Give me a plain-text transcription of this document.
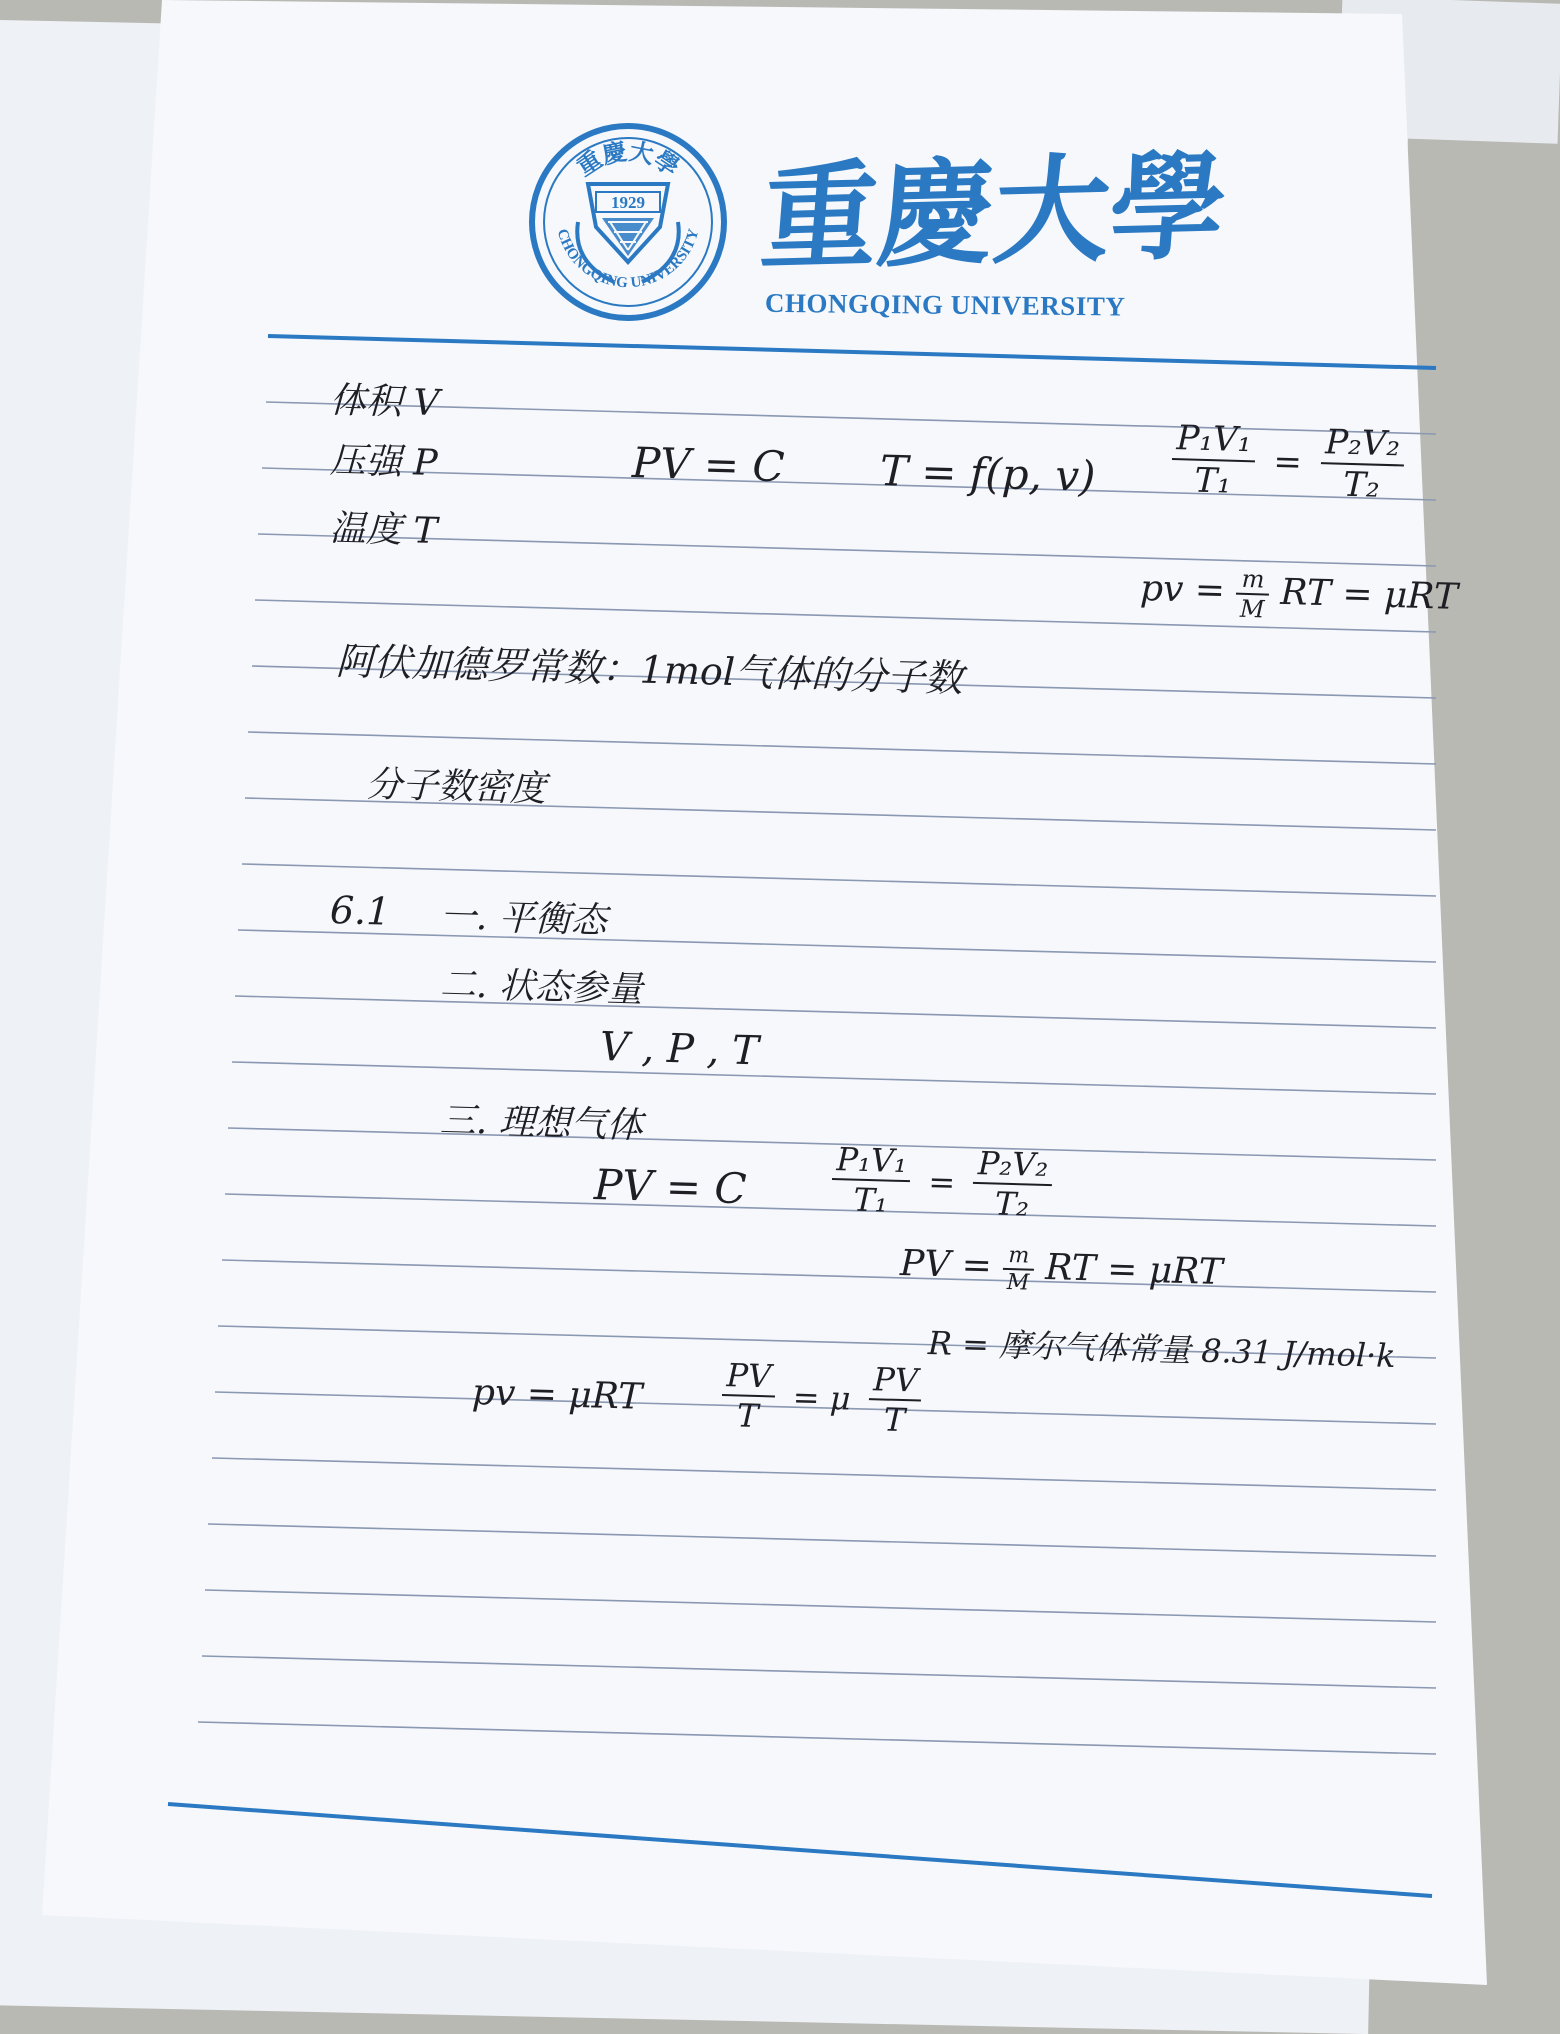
重慶大學
CHONGQING UNIVERSITY
1929 重慶大學
CHONGQING UNIVERSITY
体积 V
压强 P
温度 T
PV = C T = f(p, $v) \frac{\text{P₁V₁}}{\text{T₁}} = \frac{\text{P₂V₂}}{\text{T₂}}$
pv = $\frac{m}{M}$ RT = μRT
阿伏加德罗常数：1mol气体的分子数
分子数密度
6.1 一. 平衡态
二. 状态参量
V , P , T
三. 理想气体
PV = C	$\frac{\text{P₁V₁}}{\text{T₁}} = \frac{\text{P₂V₂}}{\text{T₂}}$
PV = $\frac{m}{M}$ RT = μRT
R = 摩尔气体常量 8.31 J/mol·k
pv = μRT $\frac{PV}{T} = \mu \frac{PV}{T}$
